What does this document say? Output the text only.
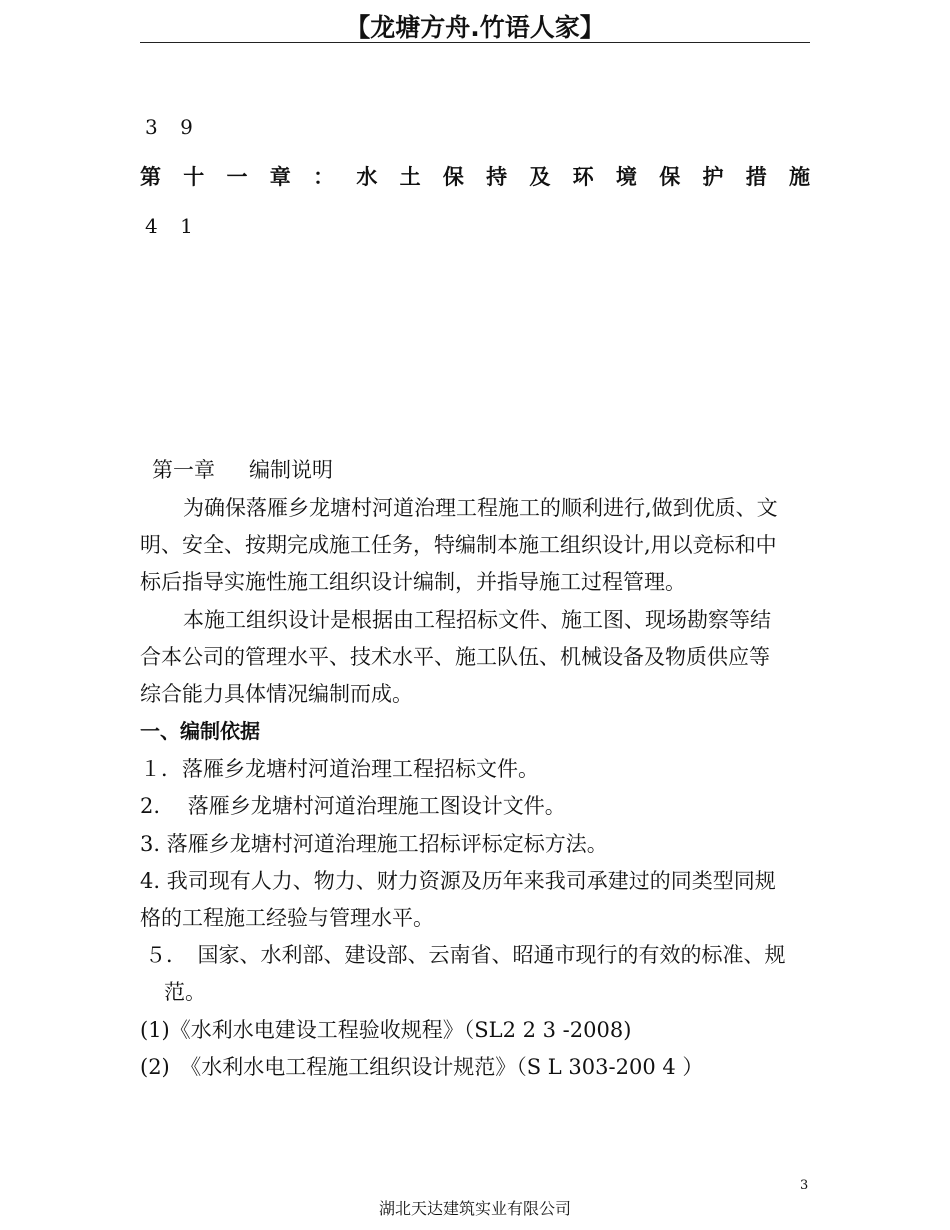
【龙塘方舟.竹语人家】
3 9
第 十 一 章 ： 水 土 保 持 及 环 境 保 护 措 施
4 1
第一章 编制说明
为确保落雁乡龙塘村河道治理工程施工的顺利进行,做到优质、文
明、安全、按期完成施工任务，特编制本施工组织设计,用以竞标和中
标后指导实施性施工组织设计编制，并指导施工过程管理。
本施工组织设计是根据由工程招标文件、施工图、现场勘察等结
合本公司的管理水平、技术水平、施工队伍、机械设备及物质供应等
综合能力具体情况编制而成。
一、编制依据
１．落雁乡龙塘村河道治理工程招标文件。
2.　 落雁乡龙塘村河道治理施工图设计文件。
3. 落雁乡龙塘村河道治理施工招标评标定标方法。
4. 我司现有人力、物力、财力资源及历年来我司承建过的同类型同规
格的工程施工经验与管理水平。
５．　国家、水利部、建设部、云南省、昭通市现行的有效的标准、规
范。
(1)《水利水电建设工程验收规程》（SL2 2 3 -2008)
(2)　《水利水电工程施工组织设计规范》（S L 303-200 4 ）
3
湖北天达建筑实业有限公司
